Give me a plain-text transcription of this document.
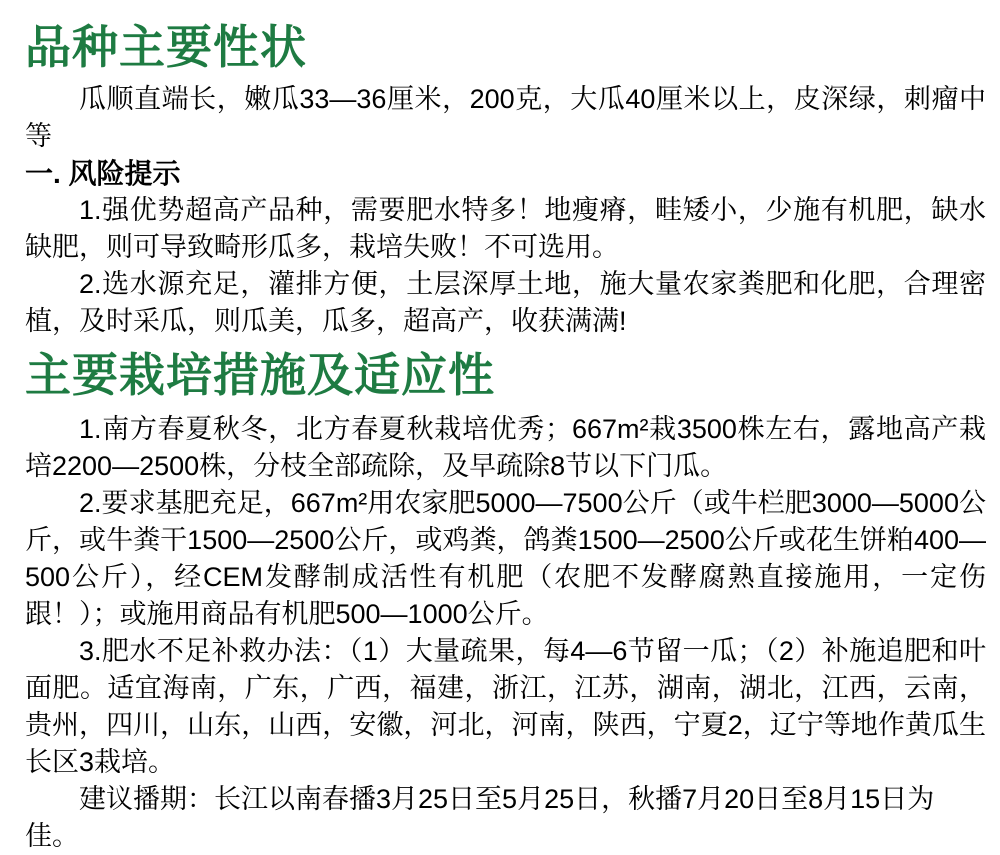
品种主要性状

瓜顺直端长，嫩瓜33—36厘米，200克，大瓜40厘米以上，皮深绿，刺瘤中等

一. 风险提示

1.强优势超高产品种，需要肥水特多！地瘦瘠，畦矮小，少施有机肥，缺水缺肥，则可导致畸形瓜多，栽培失败！不可选用。

2.选水源充足，灌排方便，土层深厚土地，施大量农家粪肥和化肥，合理密植，及时采瓜，则瓜美，瓜多，超高产，收获满满!

主要栽培措施及适应性

1.南方春夏秋冬，北方春夏秋栽培优秀；667m²栽3500株左右，露地高产栽培2200—2500株，分枝全部疏除，及早疏除8节以下门瓜。

2.要求基肥充足，667m²用农家肥5000—7500公斤（或牛栏肥3000—5000公斤，或牛粪干1500—2500公斤，或鸡粪，鸽粪1500—2500公斤或花生饼粕400—500公斤），经CEM发酵制成活性有机肥（农肥不发酵腐熟直接施用，一定伤跟！）；或施用商品有机肥500—1000公斤。

3.肥水不足补救办法：（1）大量疏果，每4—6节留一瓜；（2）补施追肥和叶面肥。适宜海南，广东，广西，福建，浙江，江苏，湖南，湖北，江西，云南，贵州，四川，山东，山西，安徽，河北，河南，陕西，宁夏2，辽宁等地作黄瓜生长区3栽培。

建议播期：长江以南春播3月25日至5月25日，秋播7月20日至8月15日为佳。
